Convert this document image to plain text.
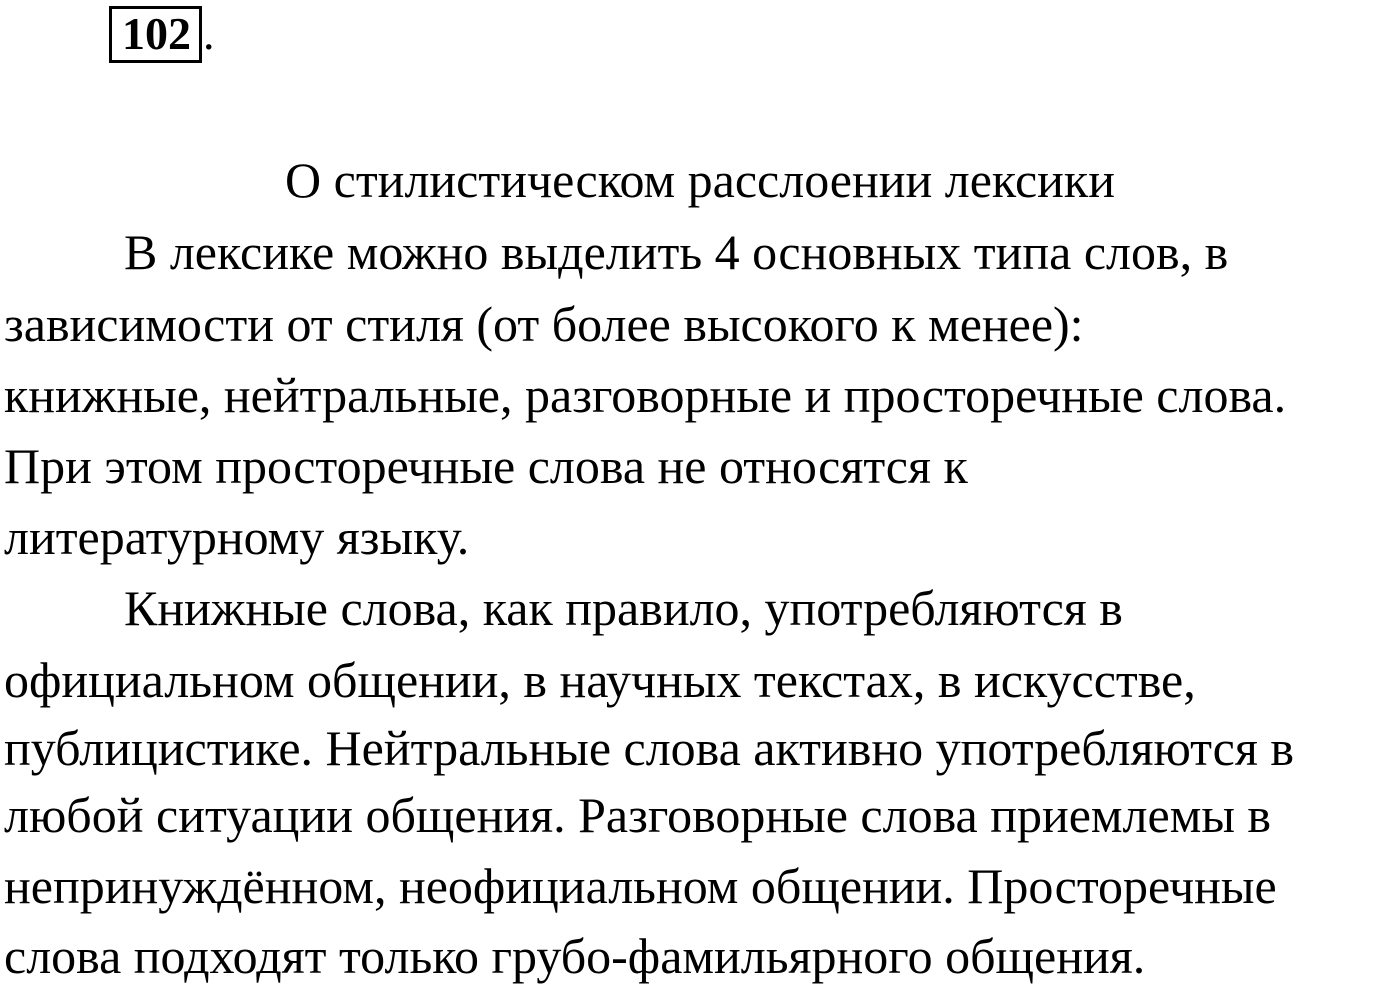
102 .
О стилистическом расслоении лексики
В лексике можно выделить 4 основных типа слов, в
зависимости от стиля (от более высокого к менее):
книжные, нейтральные, разговорные и просторечные слова.
При этом просторечные слова не относятся к
литературному языку.
Книжные слова, как правило, употребляются в
официальном общении, в научных текстах, в искусстве,
публицистике. Нейтральные слова активно употребляются в
любой ситуации общения. Разговорные слова приемлемы в
непринуждённом, неофициальном общении. Просторечные
слова подходят только грубо-фамильярного общения.
